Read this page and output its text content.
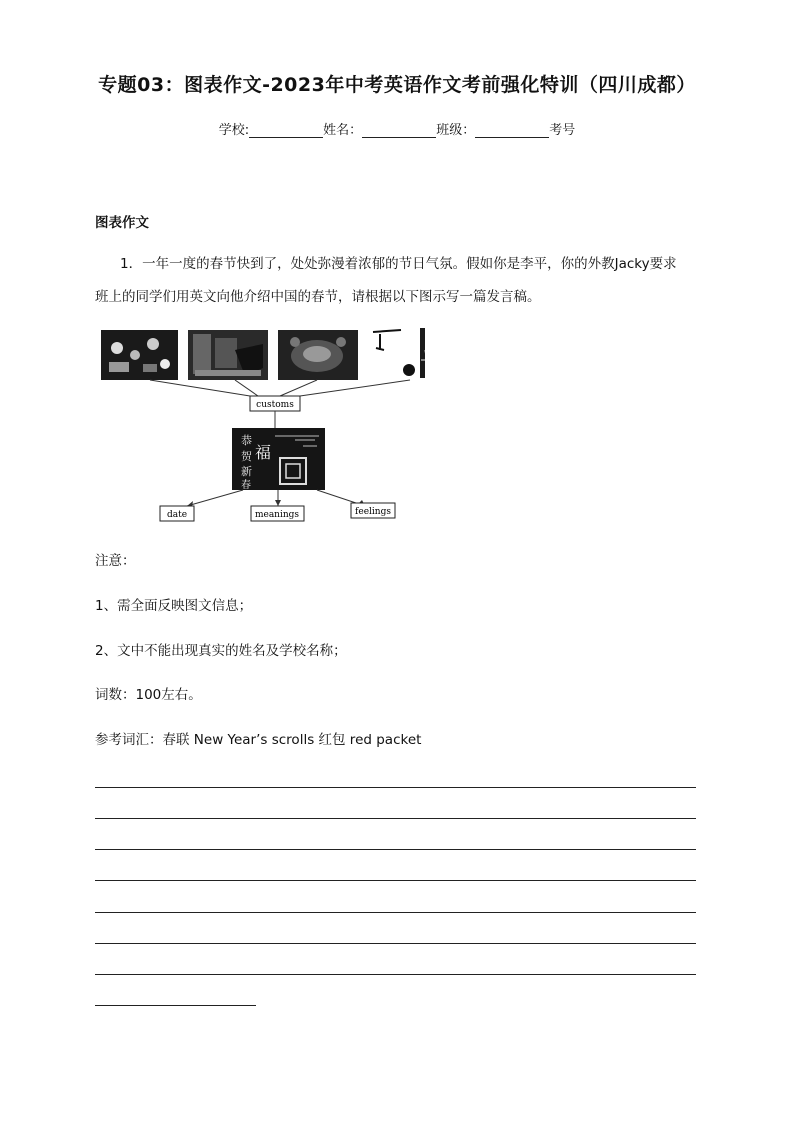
专题03：图表作文-2023年中考英语作文考前强化特训（四川成都）
学校:	姓名：	班级：	考号
图表作文
1．一年一度的春节快到了，处处弥漫着浓郁的节日气氛。假如你是李平，你的外教Jacky要求
班上的同学们用英文向他介绍中国的春节，请根据以下图示写一篇发言稿。
customs
恭
贺
新
春
福
date	meanings	feelings
注意：
1、需全面反映图文信息；
2、文中不能出现真实的姓名及学校名称；
词数：100左右。
参考词汇：春联 New Year’s scrolls 红包 red packet
